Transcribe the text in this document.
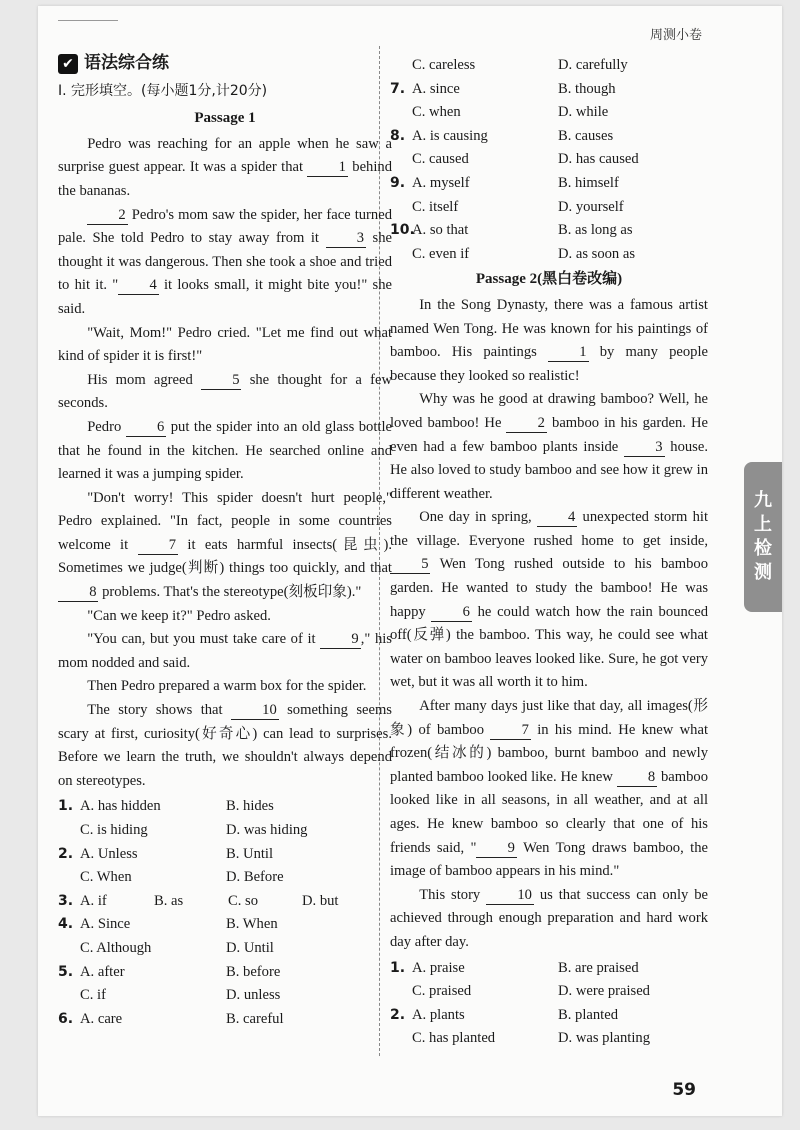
周测小卷
✔ 语法综合练
Ⅰ. 完形填空。(每小题1分,计20分)
Passage 1

Pedro was reaching for an apple when he saw a surprise guest appear. It was a spider that 1 behind the bananas.

2 Pedro's mom saw the spider, her face turned pale. She told Pedro to stay away from it 3 she thought it was dangerous. Then she took a shoe and tried to hit it. " 4 it looks small, it might bite you!" she said.

"Wait, Mom!" Pedro cried. "Let me find out what kind of spider it is first!"

His mom agreed 5 she thought for a few seconds.

Pedro 6 put the spider into an old glass bottle that he found in the kitchen. He searched online and learned it was a jumping spider.

"Don't worry! This spider doesn't hurt people," Pedro explained. "In fact, people in some countries welcome it 7 it eats harmful insects(昆虫). Sometimes we judge(判断) things too quickly, and that 8 problems. That's the stereotype(刻板印象)."

"Can we keep it?" Pedro asked.

"You can, but you must take care of it 9 ," his mom nodded and said.

Then Pedro prepared a warm box for the spider.

The story shows that 10 something seems scary at first, curiosity(好奇心) can lead to surprises. Before we learn the truth, we shouldn't always depend on stereotypes.

1. A. has hidden	B. hides
C. is hiding	D. was hiding
2. A. Unless	B. Until
C. When	D. Before
3. A. if	B. as	C. so	D. but
4. A. Since	B. When
C. Although	D. Until
5. A. after	B. before
C. if	D. unless
6. A. care	B. careful
C. careless	D. carefully
7. A. since	B. though
C. when	D. while
8. A. is causing	B. causes
C. caused	D. has caused
9. A. myself	B. himself
C. itself	D. yourself
10.
A. so that	B. as long as
C. even if	D. as soon as
Passage 2(黑白卷改编)

In the Song Dynasty, there was a famous artist named Wen Tong. He was known for his paintings of bamboo. His paintings 1 by many people because they looked so realistic!

Why was he good at drawing bamboo? Well, he loved bamboo! He 2 bamboo in his garden. He even had a few bamboo plants inside 3 house. He also loved to study bamboo and see how it grew in different weather.

One day in spring, 4 unexpected storm hit the village. Everyone rushed home to get inside, 5 Wen Tong rushed outside to his bamboo garden. He wanted to study the bamboo! He was happy 6 he could watch how the rain bounced off(反弹) the bamboo. This way, he could see what water on bamboo leaves looked like. Sure, he got very wet, but it was all worth it to him.

After many days just like that day, all images(形象) of bamboo 7 in his mind. He knew what frozen(结冰的) bamboo, burnt bamboo and newly planted bamboo looked like. He knew 8 bamboo looked like in all seasons, in all weather, and at all ages. He knew bamboo so clearly that one of his friends said, " 9 Wen Tong draws bamboo, the image of bamboo appears in his mind."

This story 10 us that success can only be achieved through enough preparation and hard work day after day.

1. A. praise	B. are praised
C. praised	D. were praised
2. A. plants	B. planted
C. has planted	D. was planting
九
上
检
测
59
